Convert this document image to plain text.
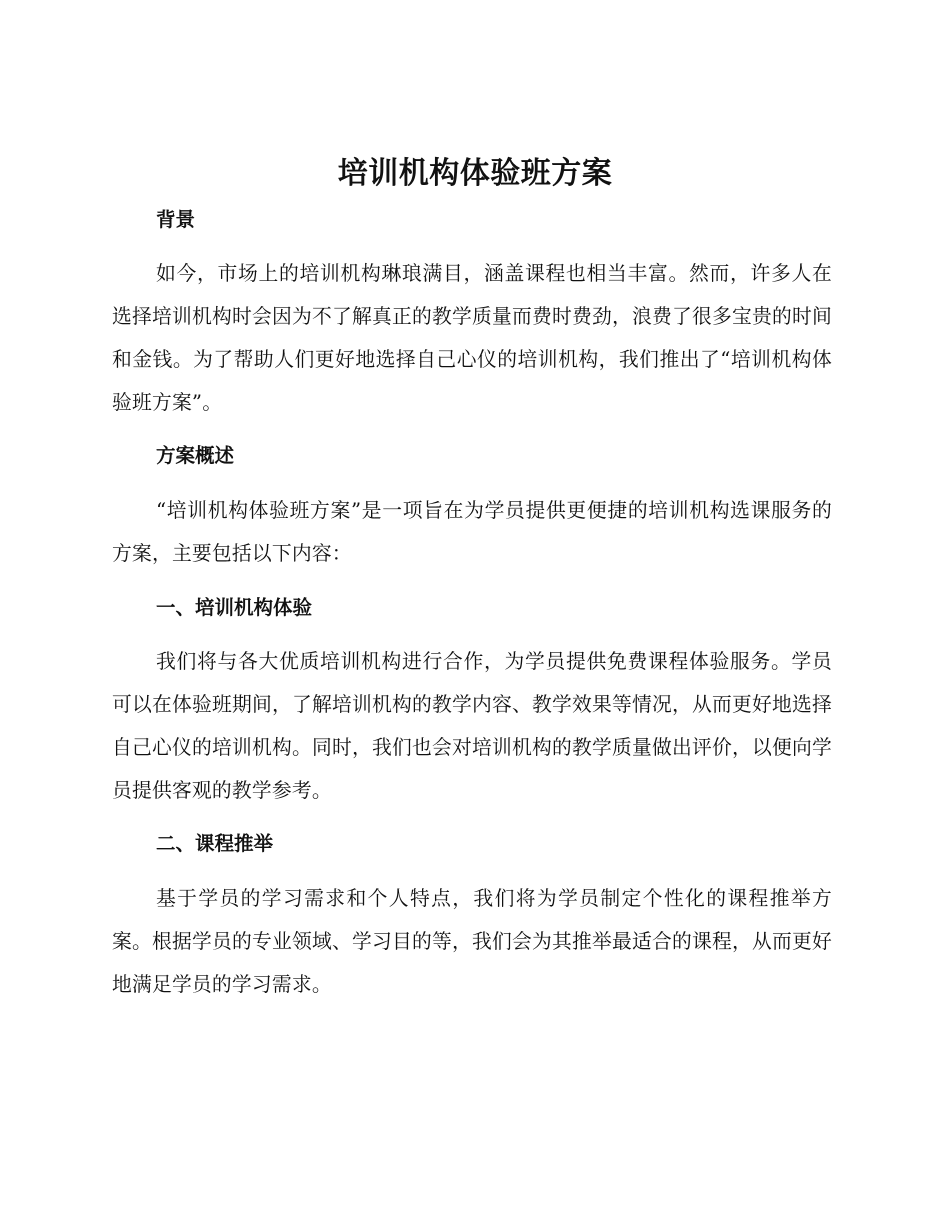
培训机构体验班方案
背景

如今，市场上的培训机构琳琅满目，涵盖课程也相当丰富。然而，许多人在选择培训机构时会因为不了解真正的教学质量而费时费劲，浪费了很多宝贵的时间和金钱。为了帮助人们更好地选择自己心仪的培训机构，我们推出了“培训机构体验班方案”。

方案概述

“培训机构体验班方案”是一项旨在为学员提供更便捷的培训机构选课服务的方案，主要包括以下内容：

一、培训机构体验

我们将与各大优质培训机构进行合作，为学员提供免费课程体验服务。学员可以在体验班期间，了解培训机构的教学内容、教学效果等情况，从而更好地选择自己心仪的培训机构。同时，我们也会对培训机构的教学质量做出评价，以便向学员提供客观的教学参考。

二、课程推举

基于学员的学习需求和个人特点，我们将为学员制定个性化的课程推举方案。根据学员的专业领域、学习目的等，我们会为其推举最适合的课程，从而更好地满足学员的学习需求。
